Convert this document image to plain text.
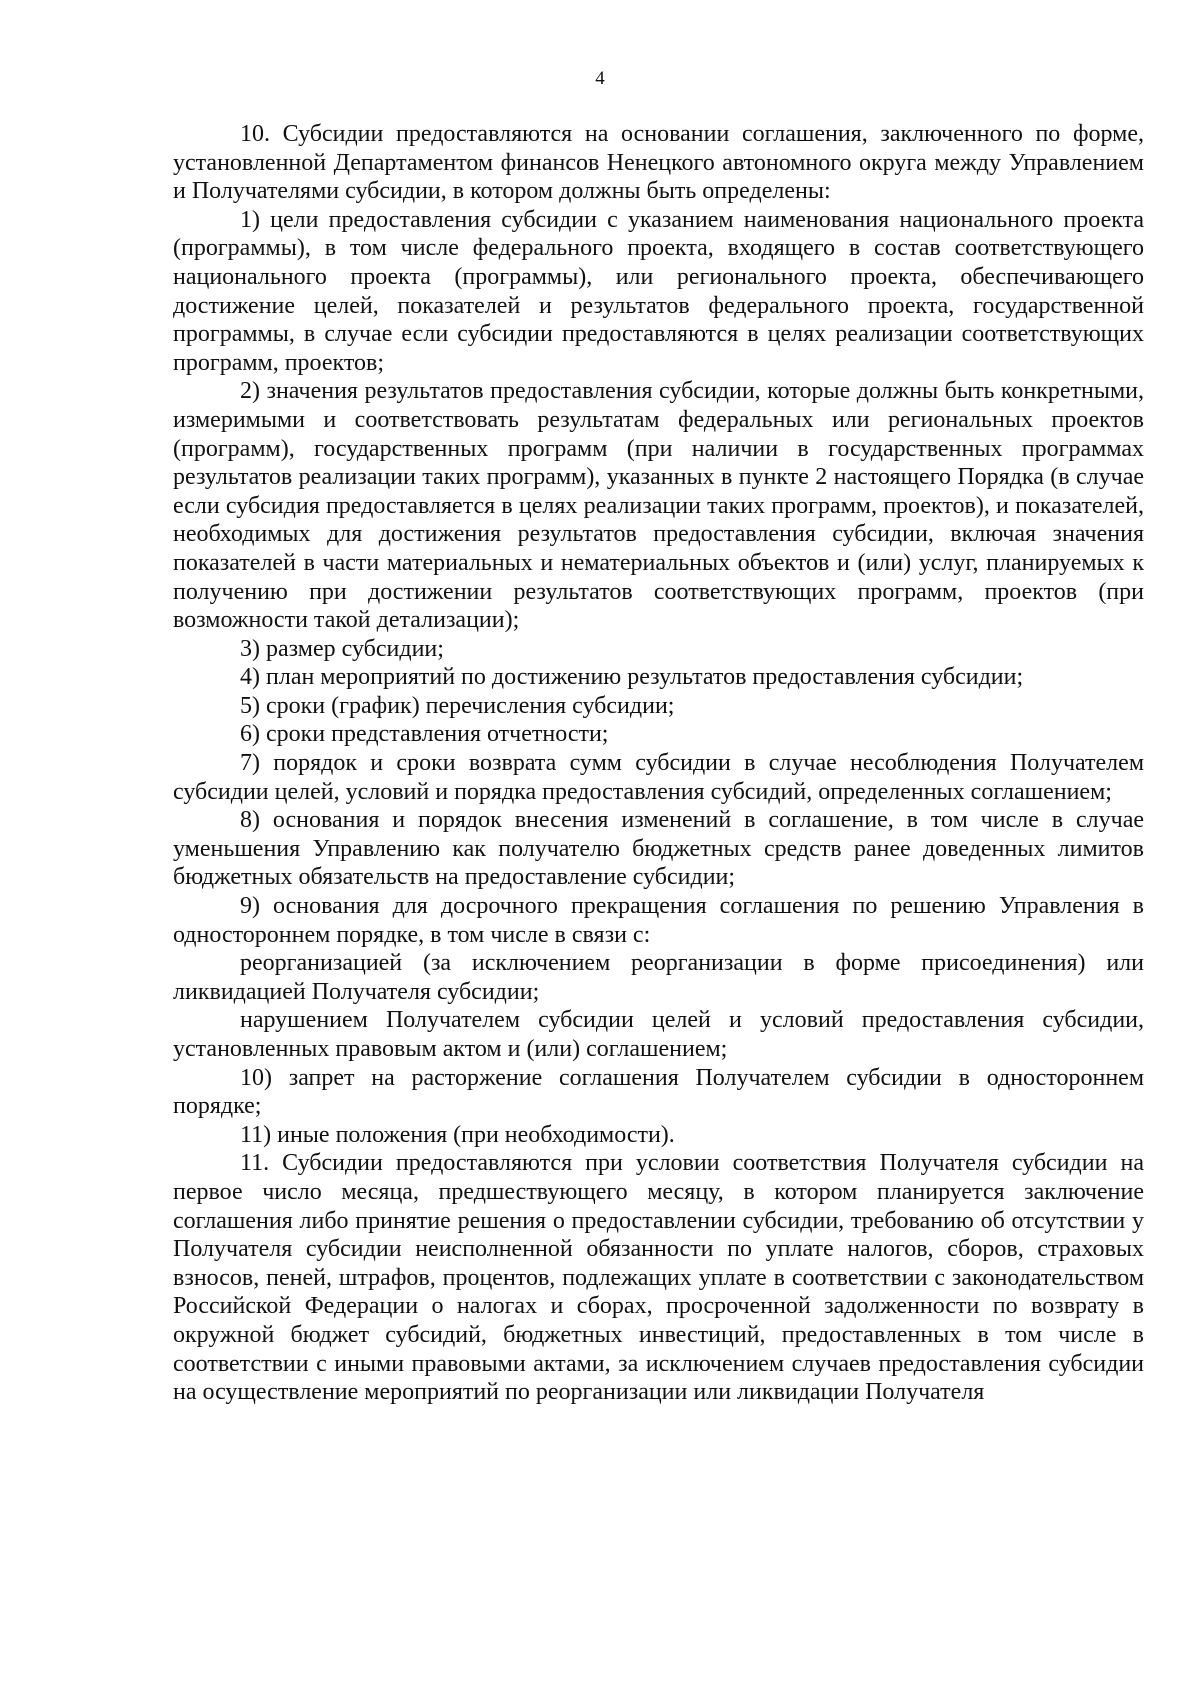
4

10. Субсидии предоставляются на основании соглашения, заключенного по форме, установленной Департаментом финансов Ненецкого автономного округа между Управлением и Получателями субсидии, в котором должны быть определены:

1) цели предоставления субсидии с указанием наименования национального проекта (программы), в том числе федерального проекта, входящего в состав соответствующего национального проекта (программы), или регионального проекта, обеспечивающего достижение целей, показателей и результатов федерального проекта, государственной программы, в случае если субсидии предоставляются в целях реализации соответствующих программ, проектов;

2) значения результатов предоставления субсидии, которые должны быть конкретными, измеримыми и соответствовать результатам федеральных или региональных проектов (программ), государственных программ (при наличии в государственных программах результатов реализации таких программ), указанных в пункте 2 настоящего Порядка (в случае если субсидия предоставляется в целях реализации таких программ, проектов), и показателей, необходимых для достижения результатов предоставления субсидии, включая значения показателей в части материальных и нематериальных объектов и (или) услуг, планируемых к получению при достижении результатов соответствующих программ, проектов (при возможности такой детализации);

3) размер субсидии;

4) план мероприятий по достижению результатов предоставления субсидии;

5) сроки (график) перечисления субсидии;

6) сроки представления отчетности;

7) порядок и сроки возврата сумм субсидии в случае несоблюдения Получателем субсидии целей, условий и порядка предоставления субсидий, определенных соглашением;

8) основания и порядок внесения изменений в соглашение, в том числе в случае уменьшения Управлению как получателю бюджетных средств ранее доведенных лимитов бюджетных обязательств на предоставление субсидии;

9) основания для досрочного прекращения соглашения по решению Управления в одностороннем порядке, в том числе в связи с:

реорганизацией (за исключением реорганизации в форме присоединения) или ликвидацией Получателя субсидии;

нарушением Получателем субсидии целей и условий предоставления субсидии, установленных правовым актом и (или) соглашением;

10) запрет на расторжение соглашения Получателем субсидии в одностороннем порядке;

11) иные положения (при необходимости).

11. Субсидии предоставляются при условии соответствия Получателя субсидии на первое число месяца, предшествующего месяцу, в котором планируется заключение соглашения либо принятие решения о предоставлении субсидии, требованию об отсутствии у Получателя субсидии неисполненной обязанности по уплате налогов, сборов, страховых взносов, пеней, штрафов, процентов, подлежащих уплате в соответствии с законодательством Российской Федерации о налогах и сборах, просроченной задолженности по возврату в окружной бюджет субсидий, бюджетных инвестиций, предоставленных в том числе в соответствии с иными правовыми актами, за исключением случаев предоставления субсидии на осуществление мероприятий по реорганизации или ликвидации Получателя
